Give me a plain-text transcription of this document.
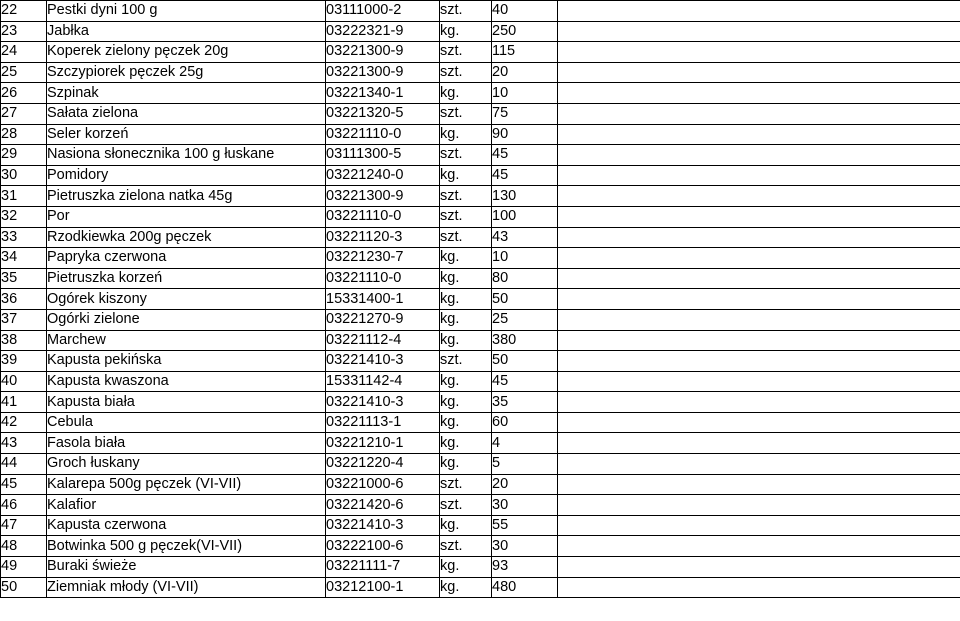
22	Pestki dyni 100 g	03111000-2	szt.	40	
23	Jabłka	03222321-9	kg.	250	
24	Koperek zielony pęczek 20g	03221300-9	szt.	115	
25	Szczypiorek pęczek 25g	03221300-9	szt.	20	
26	Szpinak	03221340-1	kg.	10	
27	Sałata zielona	03221320-5	szt.	75	
28	Seler korzeń	03221110-0	kg.	90	
29	Nasiona słonecznika 100 g łuskane	03111300-5	szt.	45	
30	Pomidory	03221240-0	kg.	45	
31	Pietruszka zielona natka 45g	03221300-9	szt.	130	
32	Por	03221110-0	szt.	100	
33	Rzodkiewka 200g pęczek	03221120-3	szt.	43	
34	Papryka czerwona	03221230-7	kg.	10	
35	Pietruszka korzeń	03221110-0	kg.	80	
36	Ogórek kiszony	15331400-1	kg.	50	
37	Ogórki zielone	03221270-9	kg.	25	
38	Marchew	03221112-4	kg.	380	
39	Kapusta pekińska	03221410-3	szt.	50	
40	Kapusta kwaszona	15331142-4	kg.	45	
41	Kapusta biała	03221410-3	kg.	35	
42	Cebula	03221113-1	kg.	60	
43	Fasola biała	03221210-1	kg.	4	
44	Groch łuskany	03221220-4	kg.	5	
45	Kalarepa 500g pęczek (VI-VII)	03221000-6	szt.	20	
46	Kalafior	03221420-6	szt.	30	
47	Kapusta czerwona	03221410-3	kg.	55	
48	Botwinka 500 g pęczek(VI-VII)	03222100-6	szt.	30	
49	Buraki świeże	03221111-7	kg.	93	
50	Ziemniak młody (VI-VII)	03212100-1	kg.	480	
